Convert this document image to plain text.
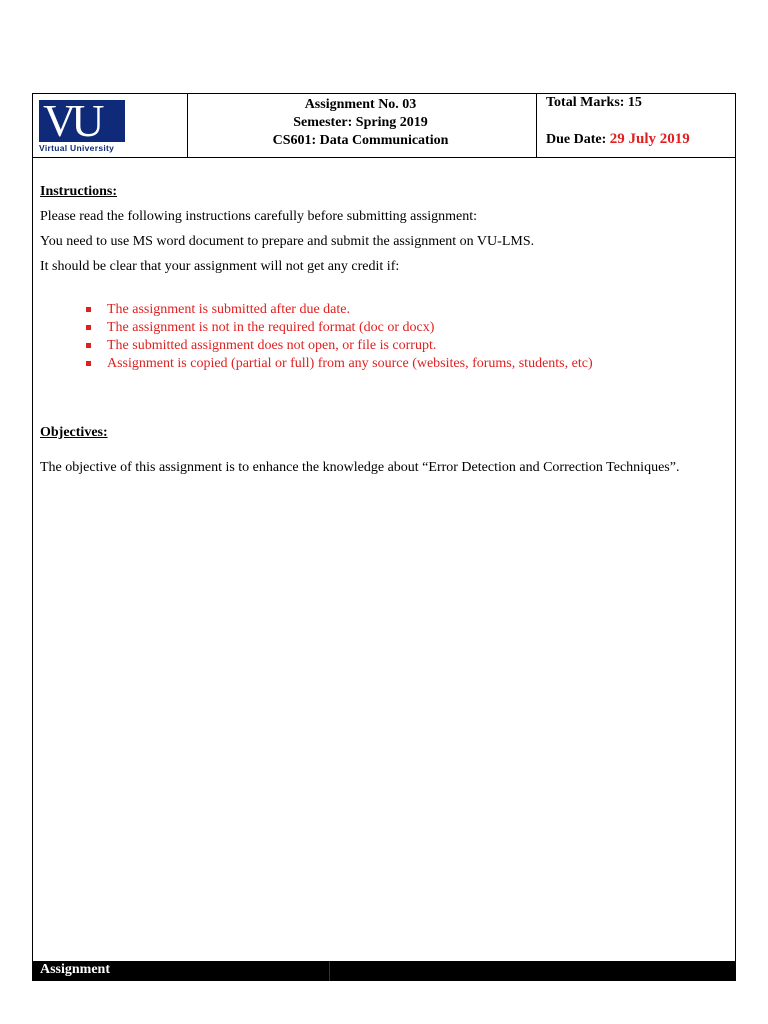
VU
Virtual University
Assignment No. 03
Semester: Spring 2019
CS601: Data Communication
Total Marks: 15
Due Date: 29 July 2019

Instructions:

Please read the following instructions carefully before submitting assignment:

You need to use MS word document to prepare and submit the assignment on VU-LMS.

It should be clear that your assignment will not get any credit if:

The assignment is submitted after due date.
The assignment is not in the required format (doc or docx)
The submitted assignment does not open, or file is corrupt.
Assignment is copied (partial or full) from any source (websites, forums, students, etc)

Objectives:

The objective of this assignment is to enhance the knowledge about “Error Detection and Correction Techniques”.

Assignment
